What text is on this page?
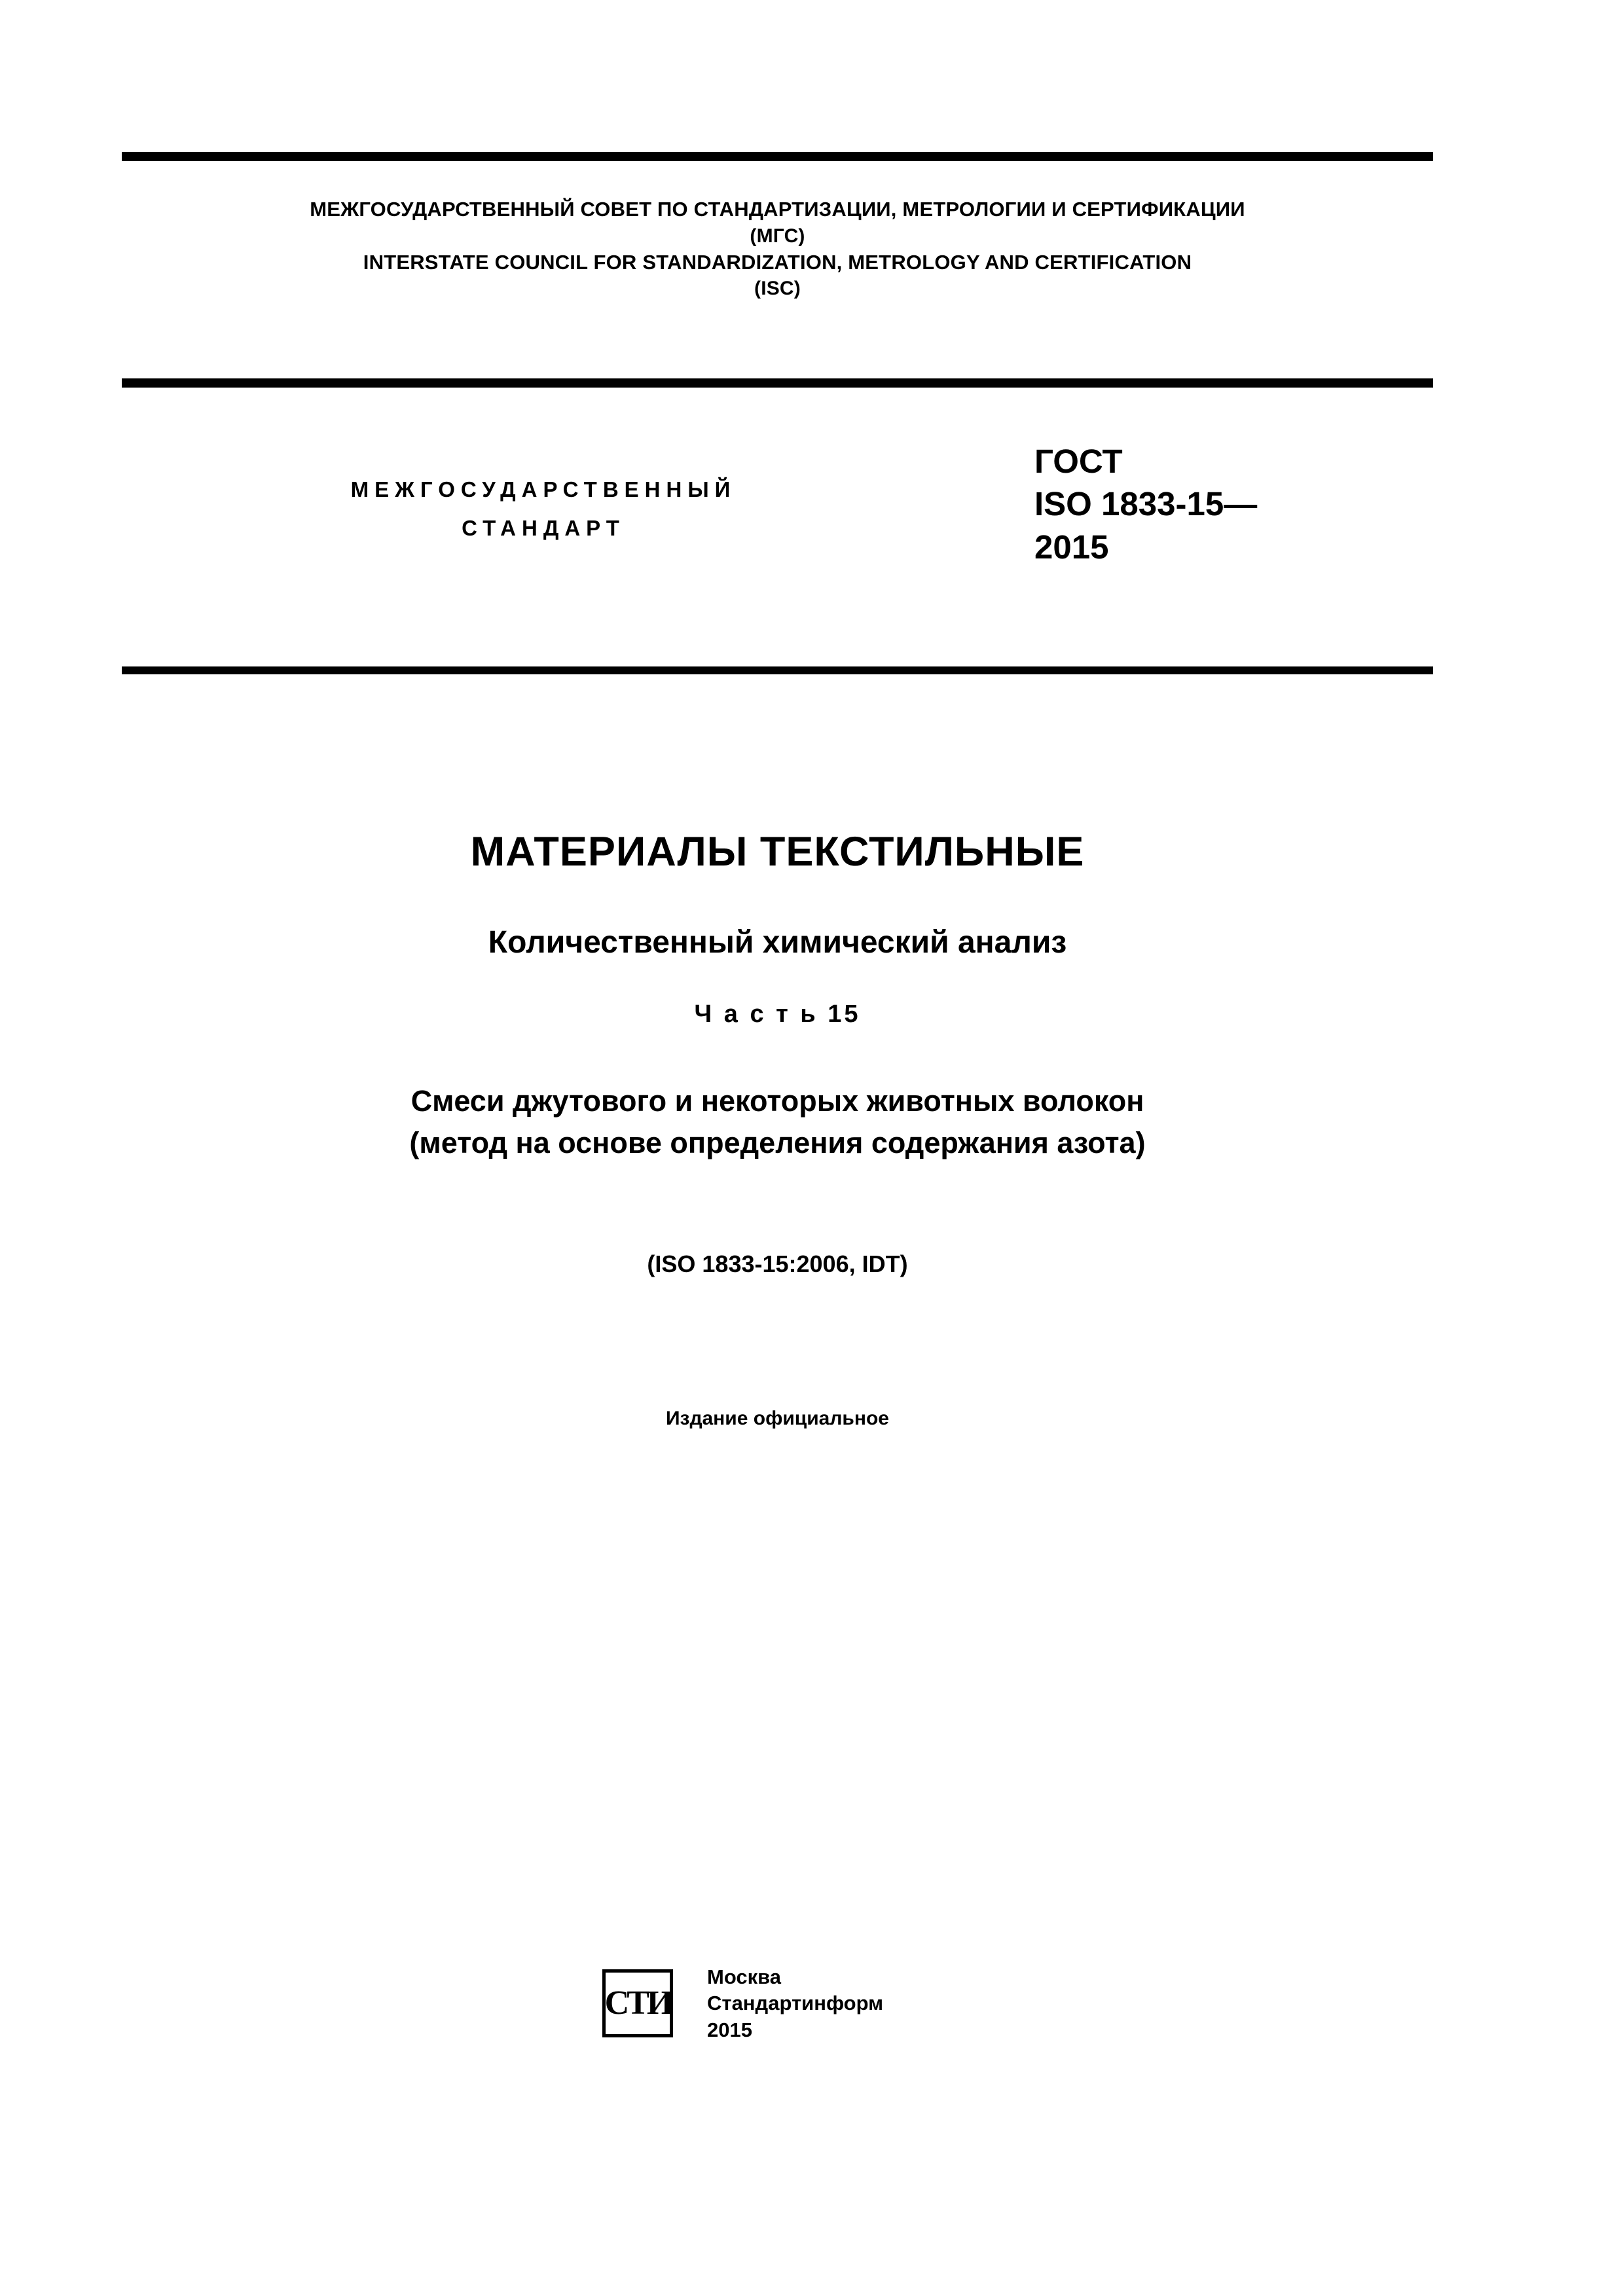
МЕЖГОСУДАРСТВЕННЫЙ СОВЕТ ПО СТАНДАРТИЗАЦИИ, МЕТРОЛОГИИ И СЕРТИФИКАЦИИ
(МГС)
INTERSTATE COUNCIL FOR STANDARDIZATION, METROLOGY AND CERTIFICATION
(ISC)
МЕЖГОСУДАРСТВЕННЫЙ
СТАНДАРТ
ГОСТ
ISO 1833-15—
2015
МАТЕРИАЛЫ ТЕКСТИЛЬНЫЕ
Количественный химический анализ
Ч а с т ь 15
Смеси джутового и некоторых животных волокон
(метод на основе определения содержания азота)
(ISO 1833-15:2006, IDT)
Издание официальное
СТИ
Москва
Стандартинформ
2015
